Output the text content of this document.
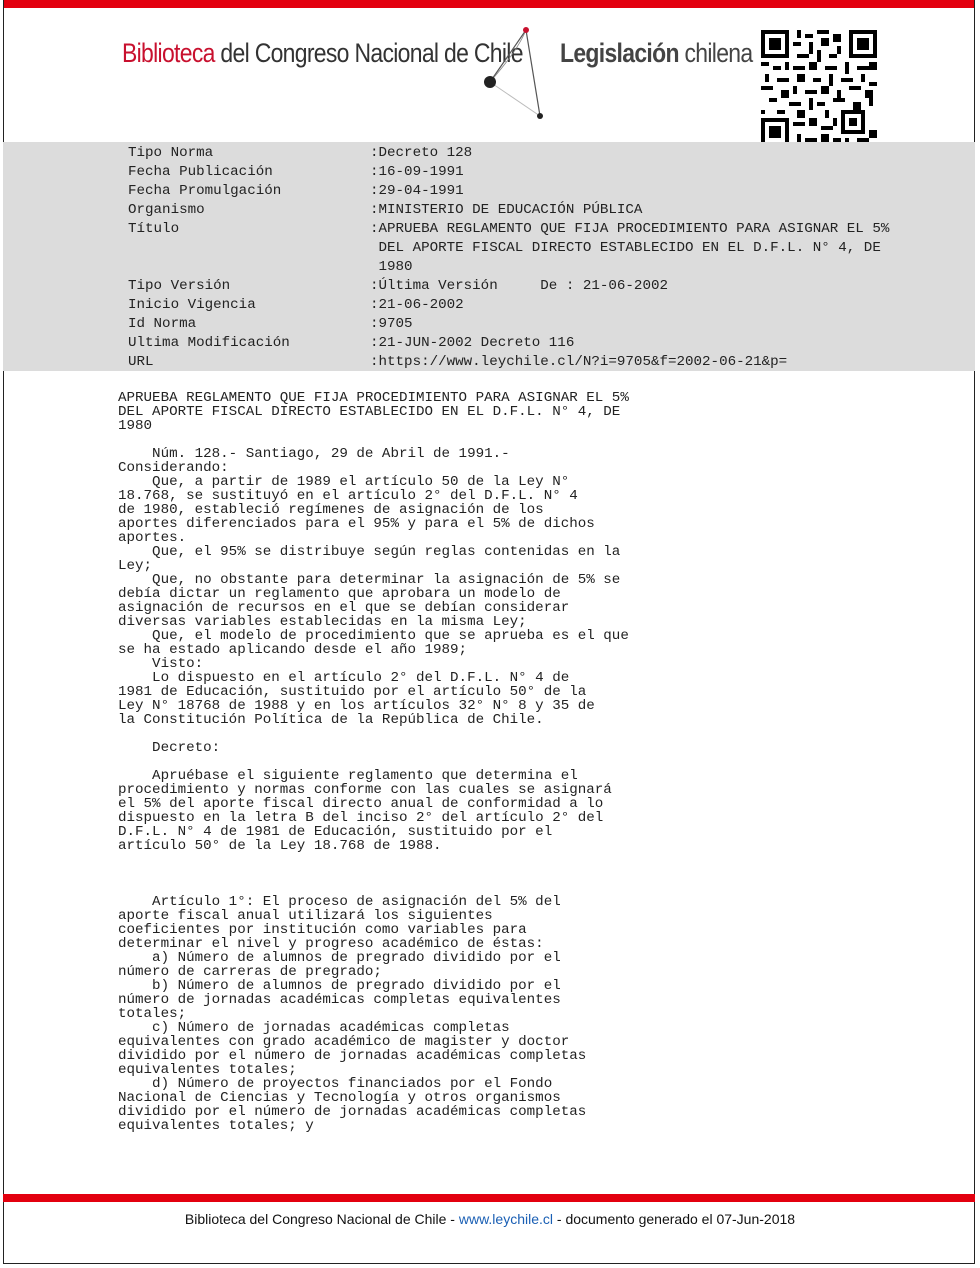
Biblioteca del Congreso Nacional de Chile Legislación chilena
Tipo Norma	:Decreto 128
Fecha Publicación	:16-09-1991
Fecha Promulgación	:29-04-1991
Organismo	:MINISTERIO DE EDUCACIÓN PÚBLICA
Título	:APRUEBA REGLAMENTO QUE FIJA PROCEDIMIENTO PARA ASIGNAR EL 5%
DEL APORTE FISCAL DIRECTO ESTABLECIDO EN EL D.F.L. N° 4, DE
1980
Tipo Versión	:Última Versión     De : 21-06-2002
Inicio Vigencia	:21-06-2002
Id Norma	:9705
Ultima Modificación	:21-JUN-2002 Decreto 116
URL	:https://www.leychile.cl/N?i=9705&f=2002-06-21&p=
APRUEBA REGLAMENTO QUE FIJA PROCEDIMIENTO PARA ASIGNAR EL 5%
DEL APORTE FISCAL DIRECTO ESTABLECIDO EN EL D.F.L. N° 4, DE
1980

Núm. 128.- Santiago, 29 de Abril de 1991.-
Considerando:
Que, a partir de 1989 el artículo 50 de la Ley N°
18.768, se sustituyó en el artículo 2° del D.F.L. N° 4
de 1980, estableció regímenes de asignación de los
aportes diferenciados para el 95% y para el 5% de dichos
aportes.
Que, el 95% se distribuye según reglas contenidas en la
Ley;
Que, no obstante para determinar la asignación de 5% se
debía dictar un reglamento que aprobara un modelo de
asignación de recursos en el que se debían considerar
diversas variables establecidas en la misma Ley;
Que, el modelo de procedimiento que se aprueba es el que
se ha estado aplicando desde el año 1989;
Visto:
Lo dispuesto en el artículo 2° del D.F.L. N° 4 de
1981 de Educación, sustituido por el artículo 50° de la
Ley N° 18768 de 1988 y en los artículos 32° N° 8 y 35 de
la Constitución Política de la República de Chile.

Decreto:

Apruébase el siguiente reglamento que determina el
procedimiento y normas conforme con las cuales se asignará
el 5% del aporte fiscal directo anual de conformidad a lo
dispuesto en la letra B del inciso 2° del artículo 2° del
D.F.L. N° 4 de 1981 de Educación, sustituido por el
artículo 50° de la Ley 18.768 de 1988.

Artículo 1°: El proceso de asignación del 5% del
aporte fiscal anual utilizará los siguientes
coeficientes por institución como variables para
determinar el nivel y progreso académico de éstas:
a) Número de alumnos de pregrado dividido por el
número de carreras de pregrado;
b) Número de alumnos de pregrado dividido por el
número de jornadas académicas completas equivalentes
totales;
c) Número de jornadas académicas completas
equivalentes con grado académico de magister y doctor
dividido por el número de jornadas académicas completas
equivalentes totales;
d) Número de proyectos financiados por el Fondo
Nacional de Ciencias y Tecnología y otros organismos
dividido por el número de jornadas académicas completas
equivalentes totales; y
Biblioteca del Congreso Nacional de Chile - www.leychile.cl - documento generado el 07-Jun-2018
